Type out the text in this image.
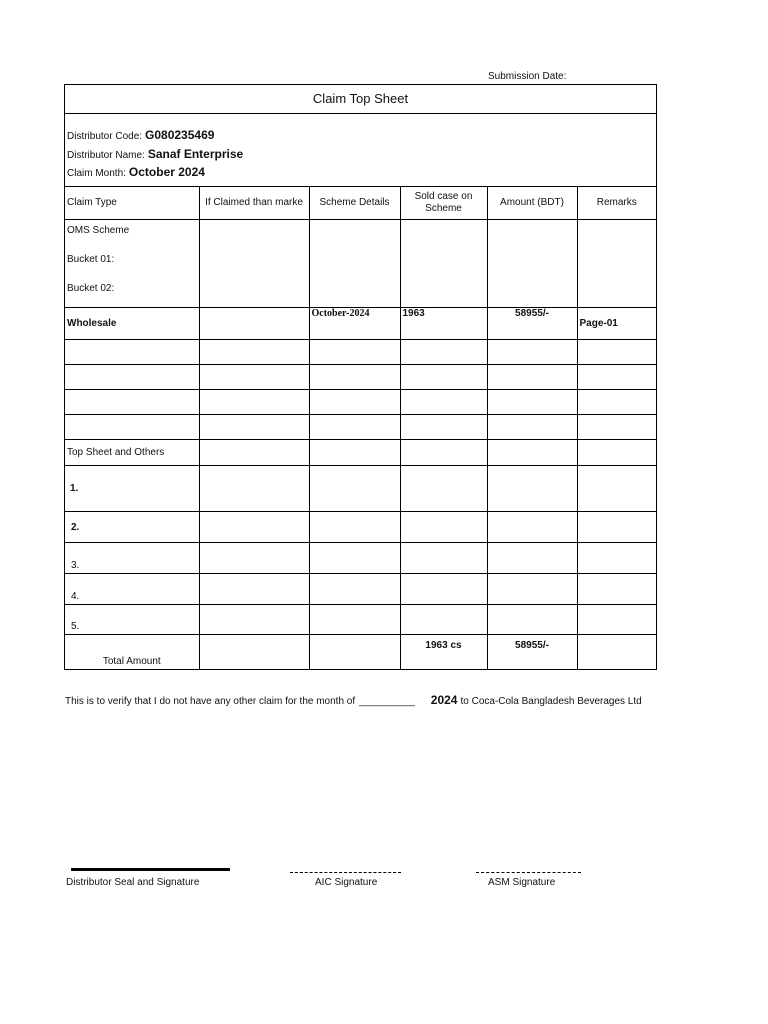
Submission Date:
Claim Top Sheet
Distributor Code: G080235469
Distributor Name: Sanaf Enterprise
Claim Month: October 2024
Claim Type	If Claimed than marke	Scheme Details	Sold case on Scheme	Amount (BDT)	Remarks

OMS Scheme
Bucket 01:
Bucket 02:					

Wholesale		October-2024	1963	58955/-	Page-01

Top Sheet and Others					
1.					
2.					
3.					
4.					
5.					
Total Amount			1963 cs	58955/-	
This is to verify that I do not have any other claim for the month of __________ 2024 to Coca-Cola Bangladesh Beverages Ltd
Distributor Seal and Signature	AIC Signature	ASM Signature
